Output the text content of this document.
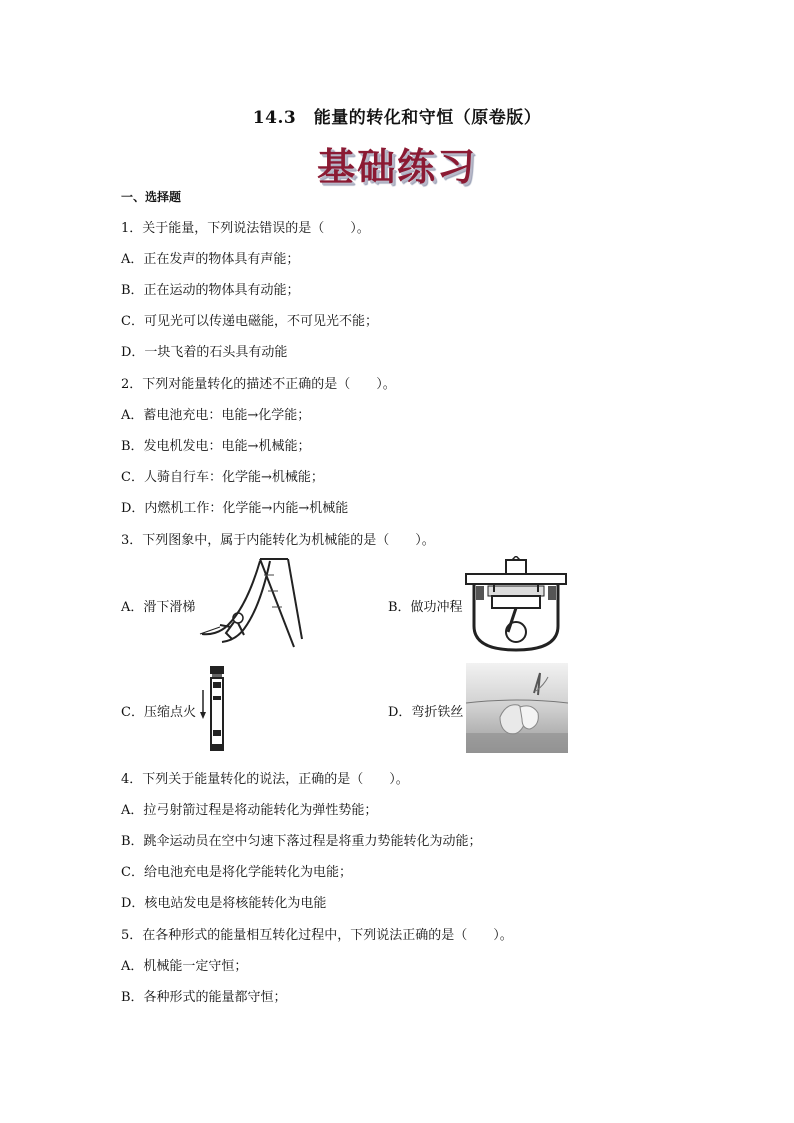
14.3　能量的转化和守恒（原卷版）
基础练习
一、选择题
1．关于能量，下列说法错误的是（　　）。
A．正在发声的物体具有声能；
B．正在运动的物体具有动能；
C．可见光可以传递电磁能，不可见光不能；
D．一块飞着的石头具有动能
2．下列对能量转化的描述不正确的是（　　）。
A．蓄电池充电：电能→化学能；
B．发电机发电：电能→机械能；
C．人骑自行车：化学能→机械能；
D．内燃机工作：化学能→内能→机械能
3．下列图象中，属于内能转化为机械能的是（　　）。
A．滑下滑梯	B．做功冲程
C．压缩点火	D．弯折铁丝
4．下列关于能量转化的说法，正确的是（　　）。
A．拉弓射箭过程是将动能转化为弹性势能；
B．跳伞运动员在空中匀速下落过程是将重力势能转化为动能；
C．给电池充电是将化学能转化为电能；
D．核电站发电是将核能转化为电能
5．在各种形式的能量相互转化过程中，下列说法正确的是（　　）。
A．机械能一定守恒；
B．各种形式的能量都守恒；
